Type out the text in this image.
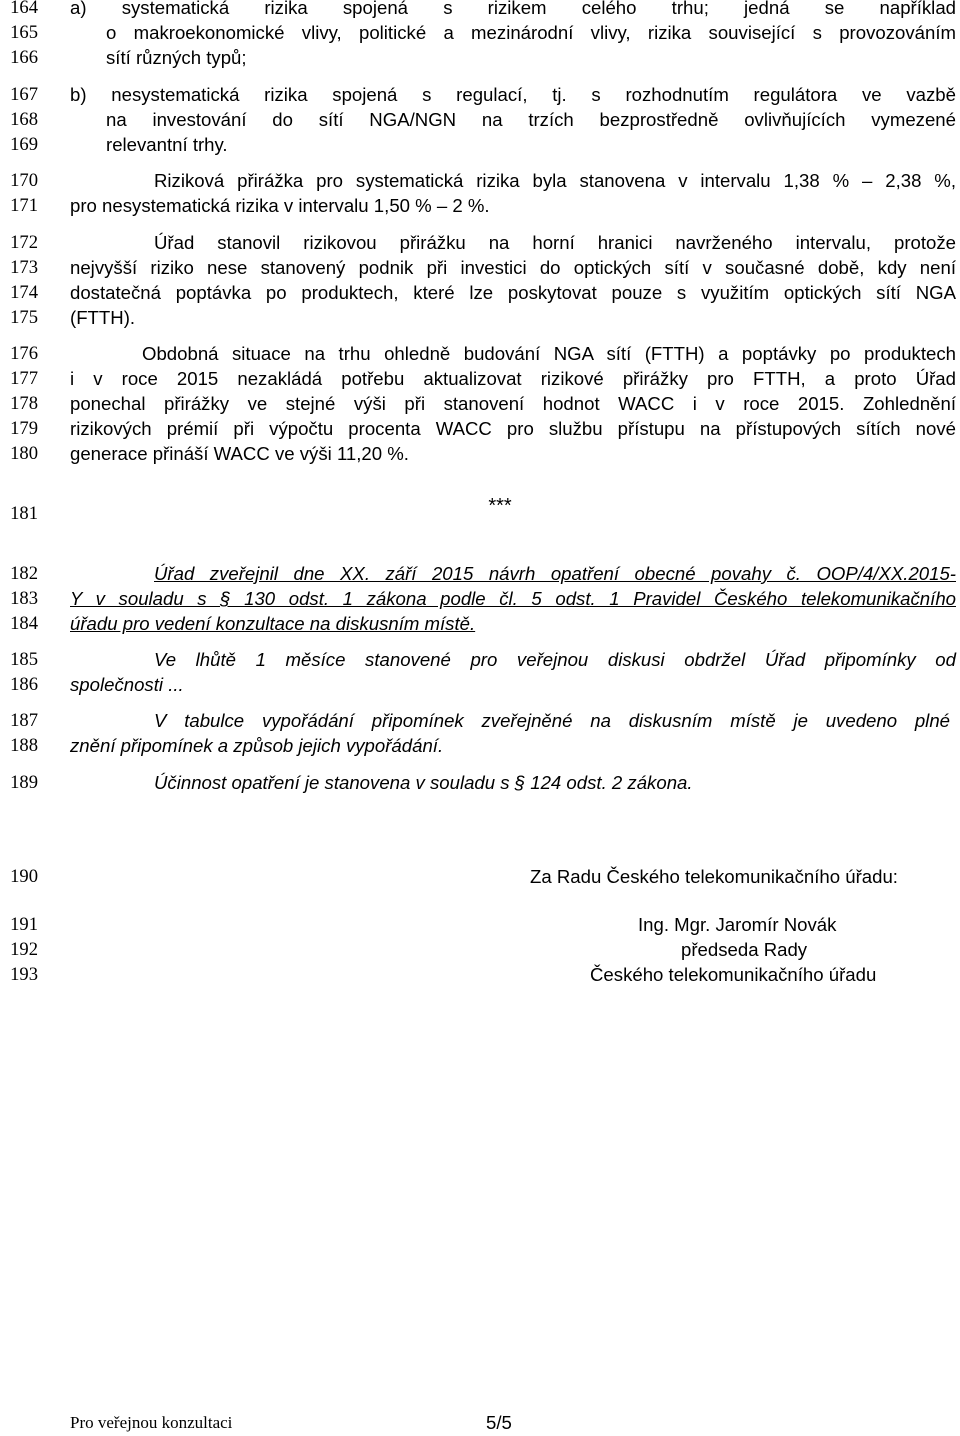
164
165
166
167
168
169
170
171
172
173
174
175
176
177
178
179
180
181
182
183
184
185
186
187
188
189
190
191
192
193
a) systematická rizika spojená s rizikem celého trhu; jedná se například
o makroekonomické vlivy, politické a mezinárodní vlivy, rizika související s provozováním
sítí různých typů;
b) nesystematická rizika spojená s regulací, tj. s rozhodnutím regulátora ve vazbě
na investování do sítí NGA/NGN na trzích bezprostředně ovlivňujících vymezené
relevantní trhy.
Riziková přirážka pro systematická rizika byla stanovena v intervalu 1,38 % – 2,38 %,
pro nesystematická rizika v intervalu 1,50 % – 2 %.
Úřad stanovil rizikovou přirážku na horní hranici navrženého intervalu, protože
nejvyšší riziko nese stanovený podnik při investici do optických sítí v současné době, kdy není
dostatečná poptávka po produktech, které lze poskytovat pouze s využitím optických sítí NGA
(FTTH).
Obdobná situace na trhu ohledně budování NGA sítí (FTTH) a poptávky po produktech
i v roce 2015 nezakládá potřebu aktualizovat rizikové přirážky pro FTTH, a proto Úřad
ponechal přirážky ve stejné výši při stanovení hodnot WACC i v roce 2015. Zohlednění
rizikových prémií při výpočtu procenta WACC pro službu přístupu na přístupových sítích nové
generace přináší WACC ve výši 11,20 %.
***
Úřad zveřejnil dne XX. září 2015 návrh opatření obecné povahy č. OOP/4/XX.2015-
Y v souladu s § 130 odst. 1 zákona podle čl. 5 odst. 1 Pravidel Českého telekomunikačního
úřadu pro vedení konzultace na diskusním místě.
Ve lhůtě 1 měsíce stanovené pro veřejnou diskusi obdržel Úřad připomínky od
společnosti ...
V tabulce vypořádání připomínek zveřejněné na diskusním místě je uvedeno plné
znění připomínek a způsob jejich vypořádání.
Účinnost opatření je stanovena v souladu s § 124 odst. 2 zákona.
Za Radu Českého telekomunikačního úřadu:
Ing. Mgr. Jaromír Novák
předseda Rady
Českého telekomunikačního úřadu
Pro veřejnou konzultaci	5/5
